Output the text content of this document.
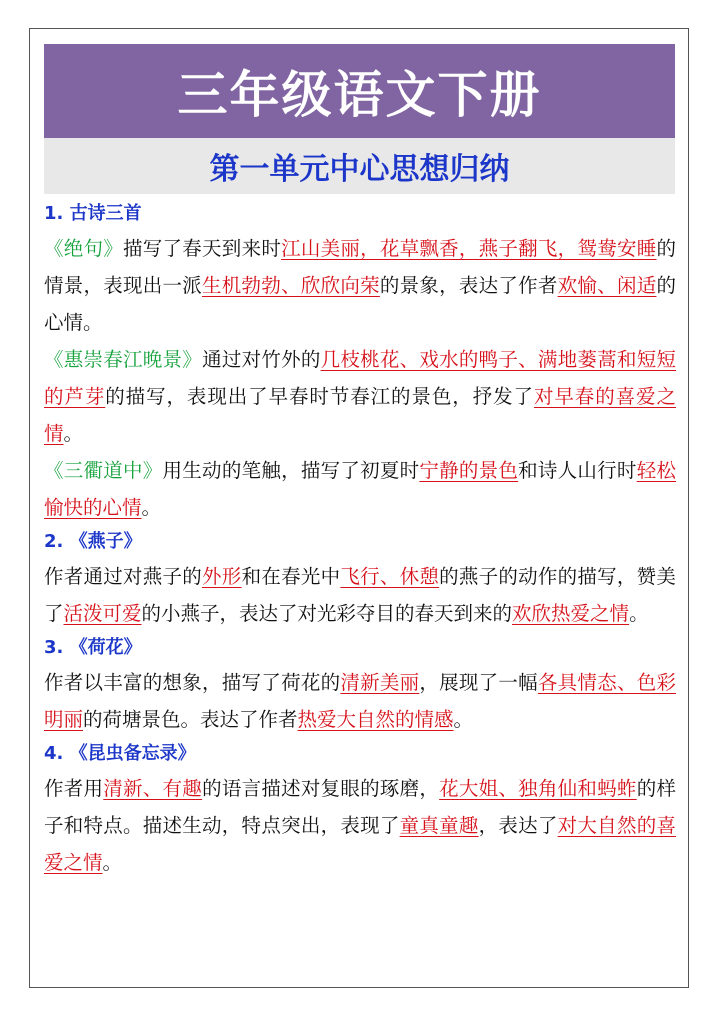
三年级语文下册
第一单元中心思想归纳
1. 古诗三首

《绝句》描写了春天到来时江山美丽，花草飘香，燕子翻飞，鸳鸯安睡的情景，表现出一派生机勃勃、欣欣向荣的景象，表达了作者欢愉、闲适的心情。

《惠崇春江晚景》通过对竹外的几枝桃花、戏水的鸭子、满地蒌蒿和短短的芦芽的描写，表现出了早春时节春江的景色，抒发了对早春的喜爱之情。

《三衢道中》用生动的笔触，描写了初夏时宁静的景色和诗人山行时轻松愉快的心情。

2. 《燕子》

作者通过对燕子的外形和在春光中飞行、休憩的燕子的动作的描写，赞美了活泼可爱的小燕子，表达了对光彩夺目的春天到来的欢欣热爱之情。

3. 《荷花》

作者以丰富的想象，描写了荷花的清新美丽，展现了一幅各具情态、色彩明丽的荷塘景色。表达了作者热爱大自然的情感。

4. 《昆虫备忘录》

作者用清新、有趣的语言描述对复眼的琢磨，花大姐、独角仙和蚂蚱的样子和特点。描述生动，特点突出，表现了童真童趣，表达了对大自然的喜爱之情。
